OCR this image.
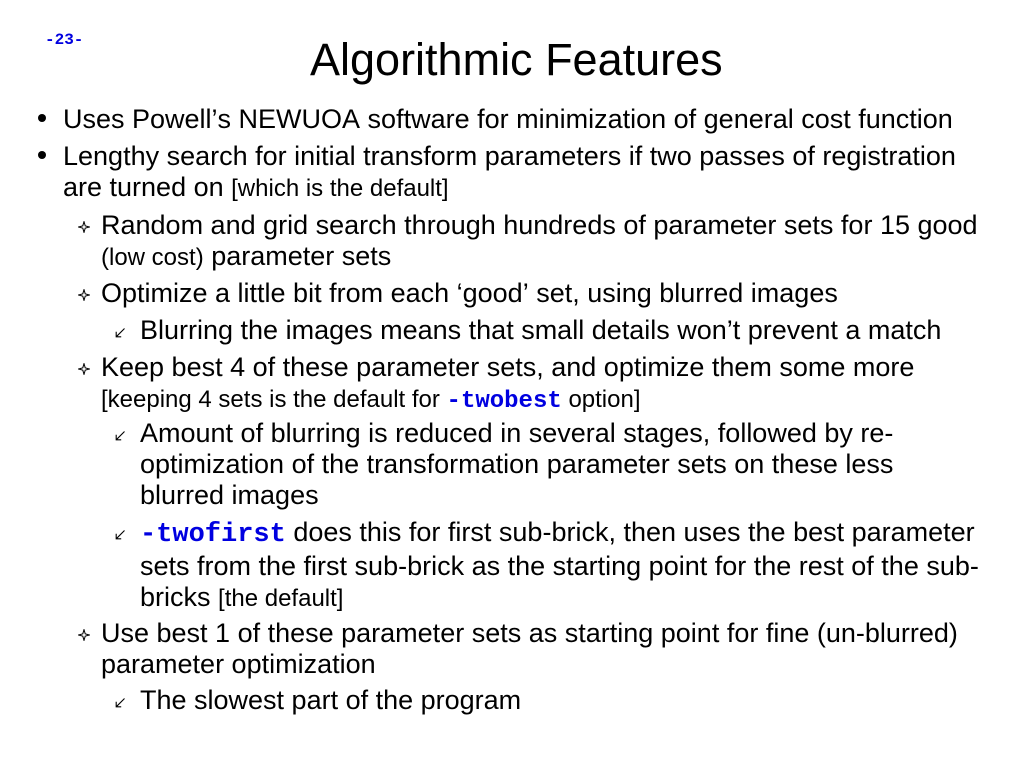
-23-	Algorithmic Features
Uses Powell’s NEWUOA software for minimization of general cost function
Lengthy search for initial transform parameters if two passes of registration are turned on [which is the default]
Random and grid search through hundreds of parameter sets for 15 good (low cost) parameter sets
Optimize a little bit from each ‘good’ set, using blurred images
Blurring the images means that small details won’t prevent a match
Keep best 4 of these parameter sets, and optimize them some more [keeping 4 sets is the default for -twobest option]
Amount of blurring is reduced in several stages, followed by re-optimization of the transformation parameter sets on these less blurred images
-twofirst does this for first sub-brick, then uses the best parameter sets from the first sub-brick as the starting point for the rest of the sub-bricks [the default]
Use best 1 of these parameter sets as starting point for fine (un-blurred) parameter optimization
The slowest part of the program
